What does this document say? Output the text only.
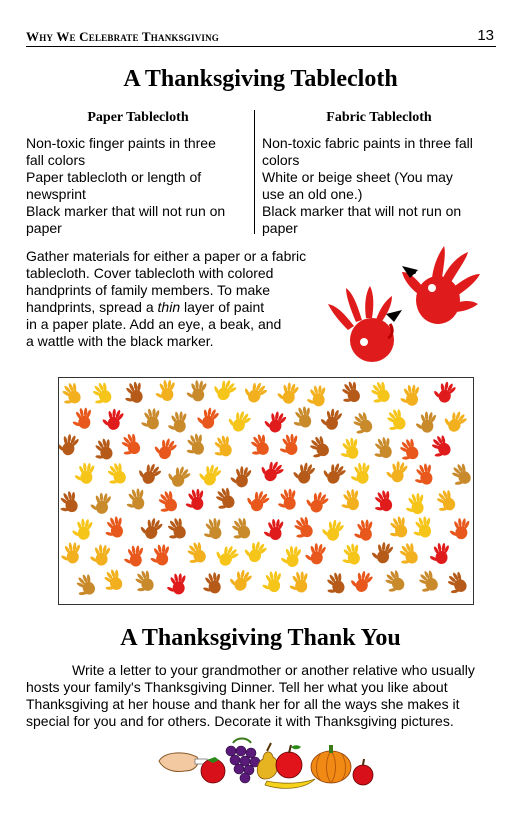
Why We Celebrate Thanksgiving	13
A Thanksgiving Tablecloth
Paper Tablecloth
Non-toxic finger paints in three
fall colors
Paper tablecloth or length of
newsprint
Black marker that will not run on
paper
Fabric Tablecloth
Non-toxic fabric paints in three fall
colors
White or beige sheet (You may
use an old one.)
Black marker that will not run on
paper
Gather materials for either a paper or a fabric
tablecloth. Cover tablecloth with colored
handprints of family members. To make
handprints, spread a thin layer of paint
in a paper plate. Add an eye, a beak, and
a wattle with the black marker.
A Thanksgiving Thank You
Write a letter to your grandmother or another relative who usually
hosts your family's Thanksgiving Dinner. Tell her what you like about
Thanksgiving at her house and thank her for all the ways she makes it
special for you and for others. Decorate it with Thanksgiving pictures.
